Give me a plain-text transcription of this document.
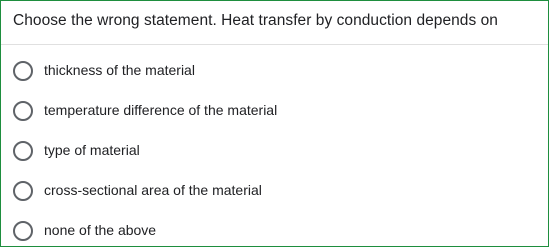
Choose the wrong statement. Heat transfer by conduction depends on
thickness of the material
temperature difference of the material
type of material
cross-sectional area of the material
none of the above
